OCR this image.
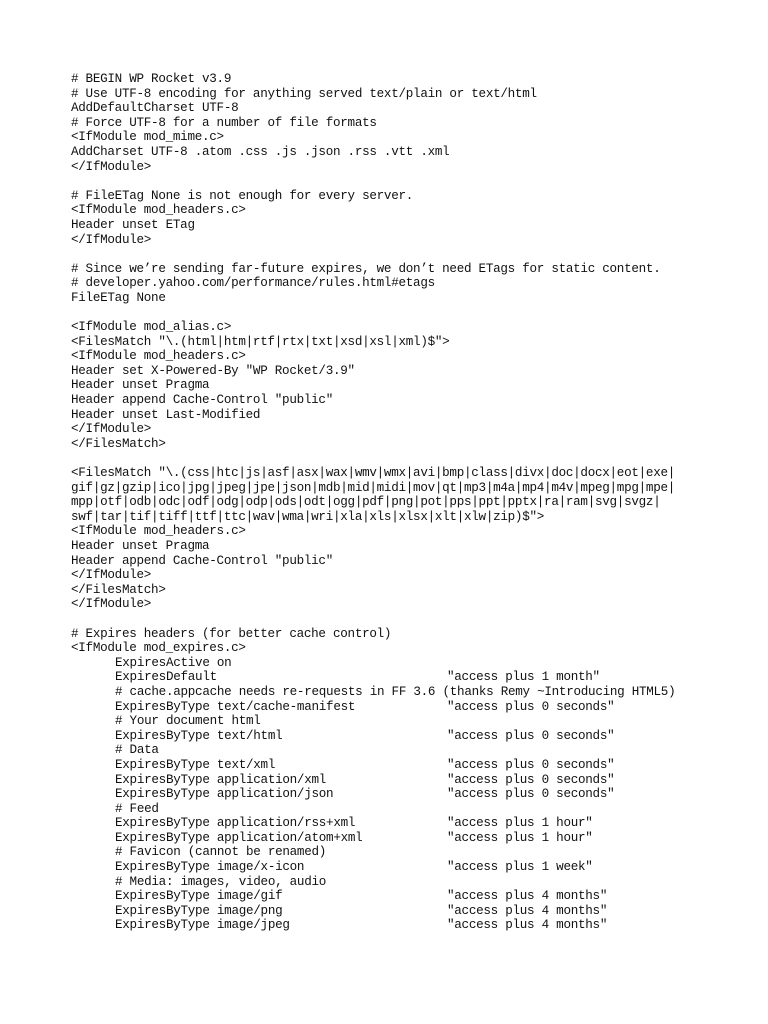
# BEGIN WP Rocket v3.9
# Use UTF-8 encoding for anything served text/plain or text/html
AddDefaultCharset UTF-8
# Force UTF-8 for a number of file formats
<IfModule mod_mime.c>
AddCharset UTF-8 .atom .css .js .json .rss .vtt .xml
</IfModule>
# FileETag None is not enough for every server.
<IfModule mod_headers.c>
Header unset ETag
</IfModule>
# Since we’re sending far-future expires, we don’t need ETags for static content.
# developer.yahoo.com/performance/rules.html#etags
FileETag None
<IfModule mod_alias.c>
<FilesMatch "\.(html|htm|rtf|rtx|txt|xsd|xsl|xml)$">
<IfModule mod_headers.c>
Header set X-Powered-By "WP Rocket/3.9"
Header unset Pragma
Header append Cache-Control "public"
Header unset Last-Modified
</IfModule>
</FilesMatch>
<FilesMatch "\.(css|htc|js|asf|asx|wax|wmv|wmx|avi|bmp|class|divx|doc|docx|eot|exe|
gif|gz|gzip|ico|jpg|jpeg|jpe|json|mdb|mid|midi|mov|qt|mp3|m4a|mp4|m4v|mpeg|mpg|mpe|
mpp|otf|odb|odc|odf|odg|odp|ods|odt|ogg|pdf|png|pot|pps|ppt|pptx|ra|ram|svg|svgz|
swf|tar|tif|tiff|ttf|ttc|wav|wma|wri|xla|xls|xlsx|xlt|xlw|zip)$">
<IfModule mod_headers.c>
Header unset Pragma
Header append Cache-Control "public"
</IfModule>
</FilesMatch>
</IfModule>
# Expires headers (for better cache control)
<IfModule mod_expires.c>
ExpiresActive on
ExpiresDefault	"access plus 1 month"
# cache.appcache needs re-requests in FF 3.6 (thanks Remy ~Introducing HTML5)
ExpiresByType text/cache-manifest	"access plus 0 seconds"
# Your document html
ExpiresByType text/html	"access plus 0 seconds"
# Data
ExpiresByType text/xml	"access plus 0 seconds"
ExpiresByType application/xml	"access plus 0 seconds"
ExpiresByType application/json	"access plus 0 seconds"
# Feed
ExpiresByType application/rss+xml	"access plus 1 hour"
ExpiresByType application/atom+xml	"access plus 1 hour"
# Favicon (cannot be renamed)
ExpiresByType image/x-icon	"access plus 1 week"
# Media: images, video, audio
ExpiresByType image/gif	"access plus 4 months"
ExpiresByType image/png	"access plus 4 months"
ExpiresByType image/jpeg	"access plus 4 months"
